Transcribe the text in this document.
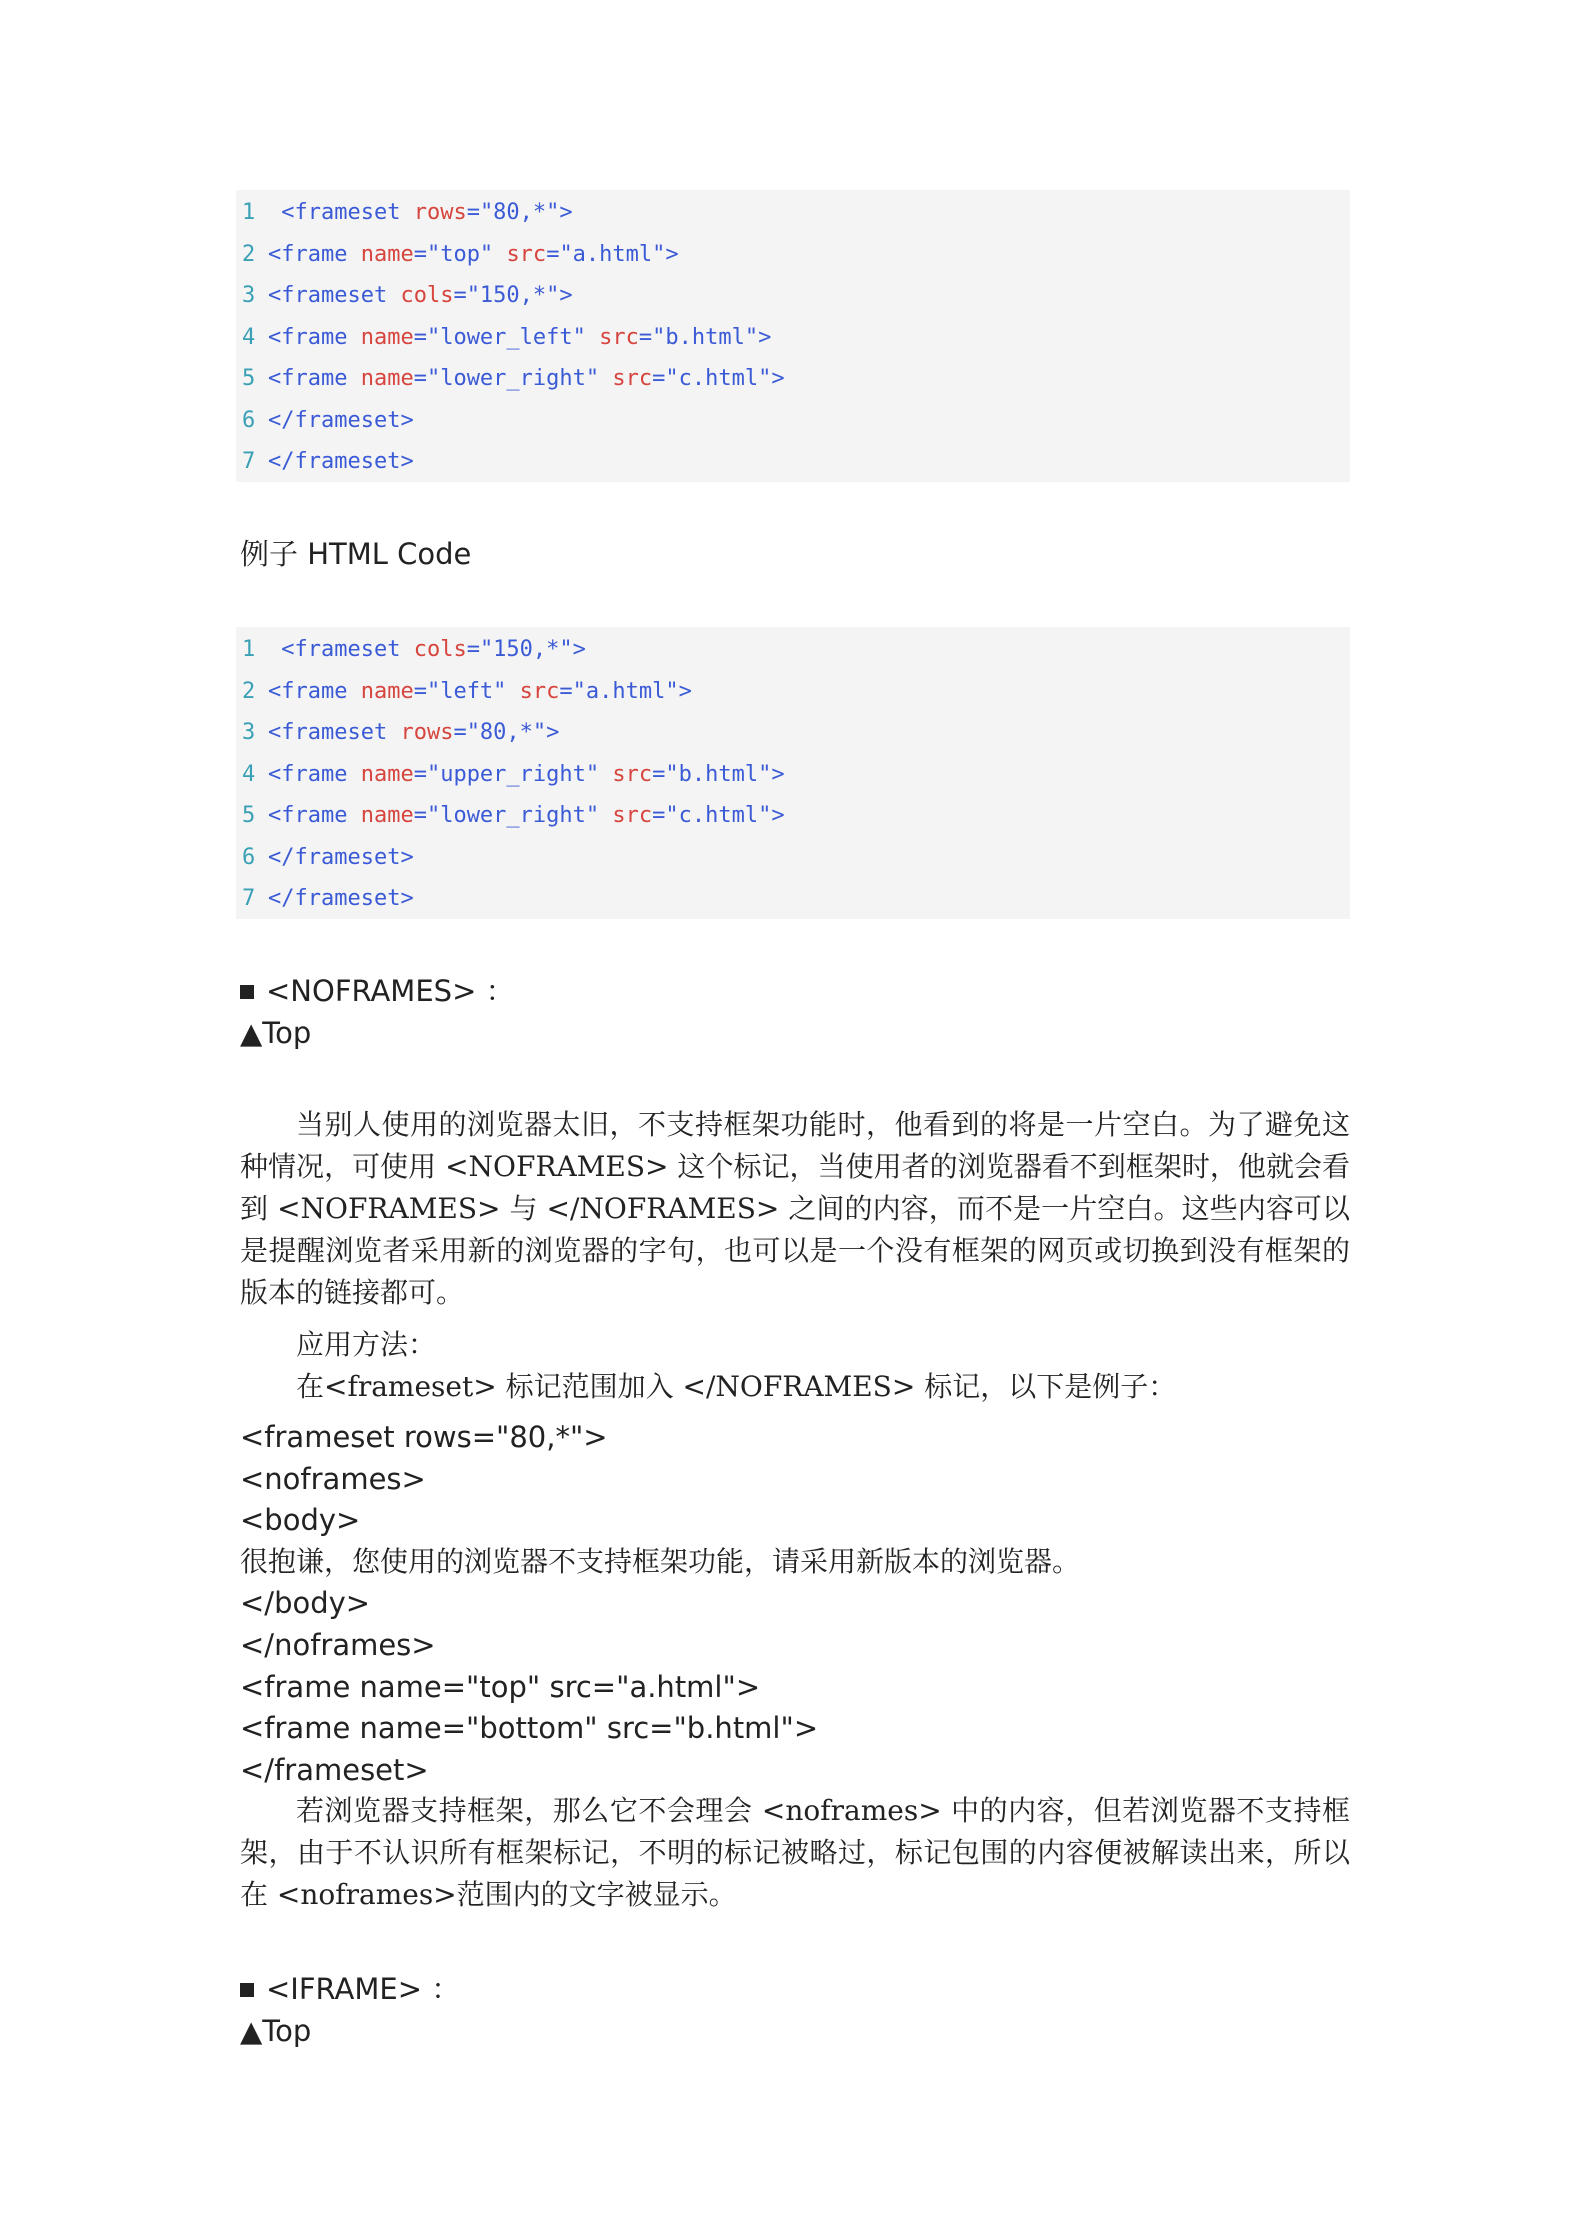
1 <frameset rows="80,*">
2 <frame name="top" src="a.html">
3 <frameset cols="150,*">
4 <frame name="lower_left" src="b.html">
5 <frame name="lower_right" src="c.html">
6 </frameset>
7 </frameset>
例子 HTML Code
1 <frameset cols="150,*">
2 <frame name="left" src="a.html">
3 <frameset rows="80,*">
4 <frame name="upper_right" src="b.html">
5 <frame name="lower_right" src="c.html">
6 </frameset>
7 </frameset>
<NOFRAMES> ：
▲Top
当别人使用的浏览器太旧，不支持框架功能时，他看到的将是一片空白。为了避免这种情况，可使用 <NOFRAMES> 这个标记，当使用者的浏览器看不到框架时，他就会看到 <NOFRAMES> 与 </NOFRAMES> 之间的内容，而不是一片空白。这些内容可以是提醒浏览者采用新的浏览器的字句，也可以是一个没有框架的网页或切换到没有框架的版本的链接都可。
应用方法：
在<frameset> 标记范围加入 </NOFRAMES> 标记，以下是例子：
<frameset rows="80,*">
<noframes>
<body>
很抱谦，您使用的浏览器不支持框架功能，请采用新版本的浏览器。
</body>
</noframes>
<frame name="top" src="a.html">
<frame name="bottom" src="b.html">
</frameset>
若浏览器支持框架，那么它不会理会 <noframes> 中的内容，但若浏览器不支持框架，由于不认识所有框架标记，不明的标记被略过，标记包围的内容便被解读出来，所以在 <noframes>范围内的文字被显示。
<IFRAME> ：
▲Top
